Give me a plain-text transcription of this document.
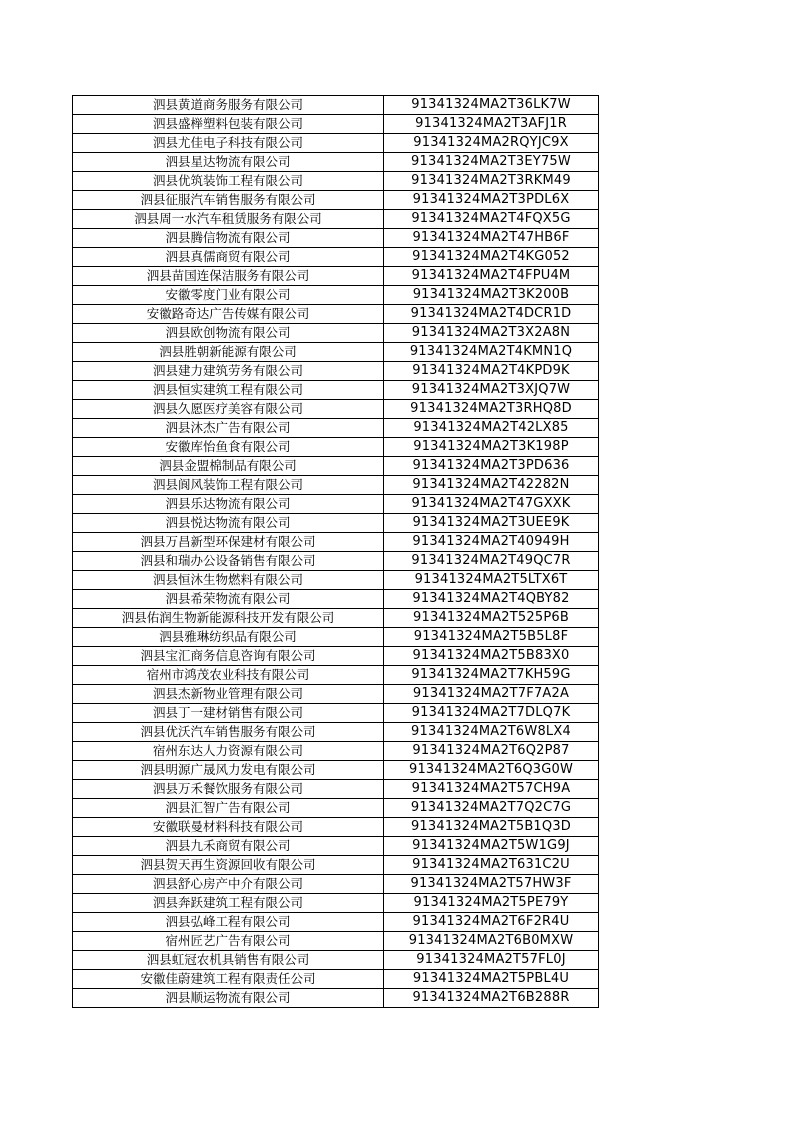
泗县黄道商务服务有限公司	91341324MA2T36LK7W
泗县盛榉塑料包装有限公司	91341324MA2T3AFJ1R
泗县尤佳电子科技有限公司	91341324MA2RQYJC9X
泗县星达物流有限公司	91341324MA2T3EY75W
泗县优筑装饰工程有限公司	91341324MA2T3RKM49
泗县征服汽车销售服务有限公司	91341324MA2T3PDL6X
泗县周一水汽车租赁服务有限公司	91341324MA2T4FQX5G
泗县腾信物流有限公司	91341324MA2T47HB6F
泗县真儒商贸有限公司	91341324MA2T4KG052
泗县苗国连保洁服务有限公司	91341324MA2T4FPU4M
安徽零度门业有限公司	91341324MA2T3K200B
安徽路奇达广告传媒有限公司	91341324MA2T4DCR1D
泗县欧创物流有限公司	91341324MA2T3X2A8N
泗县胜朝新能源有限公司	91341324MA2T4KMN1Q
泗县建力建筑劳务有限公司	91341324MA2T4KPD9K
泗县恒实建筑工程有限公司	91341324MA2T3XJQ7W
泗县久愿医疗美容有限公司	91341324MA2T3RHQ8D
泗县沐杰广告有限公司	91341324MA2T42LX85
安徽库怡鱼食有限公司	91341324MA2T3K198P
泗县金盟棉制品有限公司	91341324MA2T3PD636
泗县阆风装饰工程有限公司	91341324MA2T42282N
泗县乐达物流有限公司	91341324MA2T47GXXK
泗县悦达物流有限公司	91341324MA2T3UEE9K
泗县万昌新型环保建材有限公司	91341324MA2T40949H
泗县和瑞办公设备销售有限公司	91341324MA2T49QC7R
泗县恒沐生物燃料有限公司	91341324MA2T5LTX6T
泗县希荣物流有限公司	91341324MA2T4QBY82
泗县佑润生物新能源科技开发有限公司	91341324MA2T525P6B
泗县雅琳纺织品有限公司	91341324MA2T5B5L8F
泗县宝汇商务信息咨询有限公司	91341324MA2T5B83X0
宿州市鸿茂农业科技有限公司	91341324MA2T7KH59G
泗县杰新物业管理有限公司	91341324MA2T7F7A2A
泗县丁一建材销售有限公司	91341324MA2T7DLQ7K
泗县优沃汽车销售服务有限公司	91341324MA2T6W8LX4
宿州东达人力资源有限公司	91341324MA2T6Q2P87
泗县明源广晟风力发电有限公司	91341324MA2T6Q3G0W
泗县万禾餐饮服务有限公司	91341324MA2T57CH9A
泗县汇智广告有限公司	91341324MA2T7Q2C7G
安徽联曼材料科技有限公司	91341324MA2T5B1Q3D
泗县九禾商贸有限公司	91341324MA2T5W1G9J
泗县贺天再生资源回收有限公司	91341324MA2T631C2U
泗县舒心房产中介有限公司	91341324MA2T57HW3F
泗县奔跃建筑工程有限公司	91341324MA2T5PE79Y
泗县弘峰工程有限公司	91341324MA2T6F2R4U
宿州匠艺广告有限公司	91341324MA2T6B0MXW
泗县虹冠农机具销售有限公司	91341324MA2T57FL0J
安徽佳蔚建筑工程有限责任公司	91341324MA2T5PBL4U
泗县顺运物流有限公司	91341324MA2T6B288R
